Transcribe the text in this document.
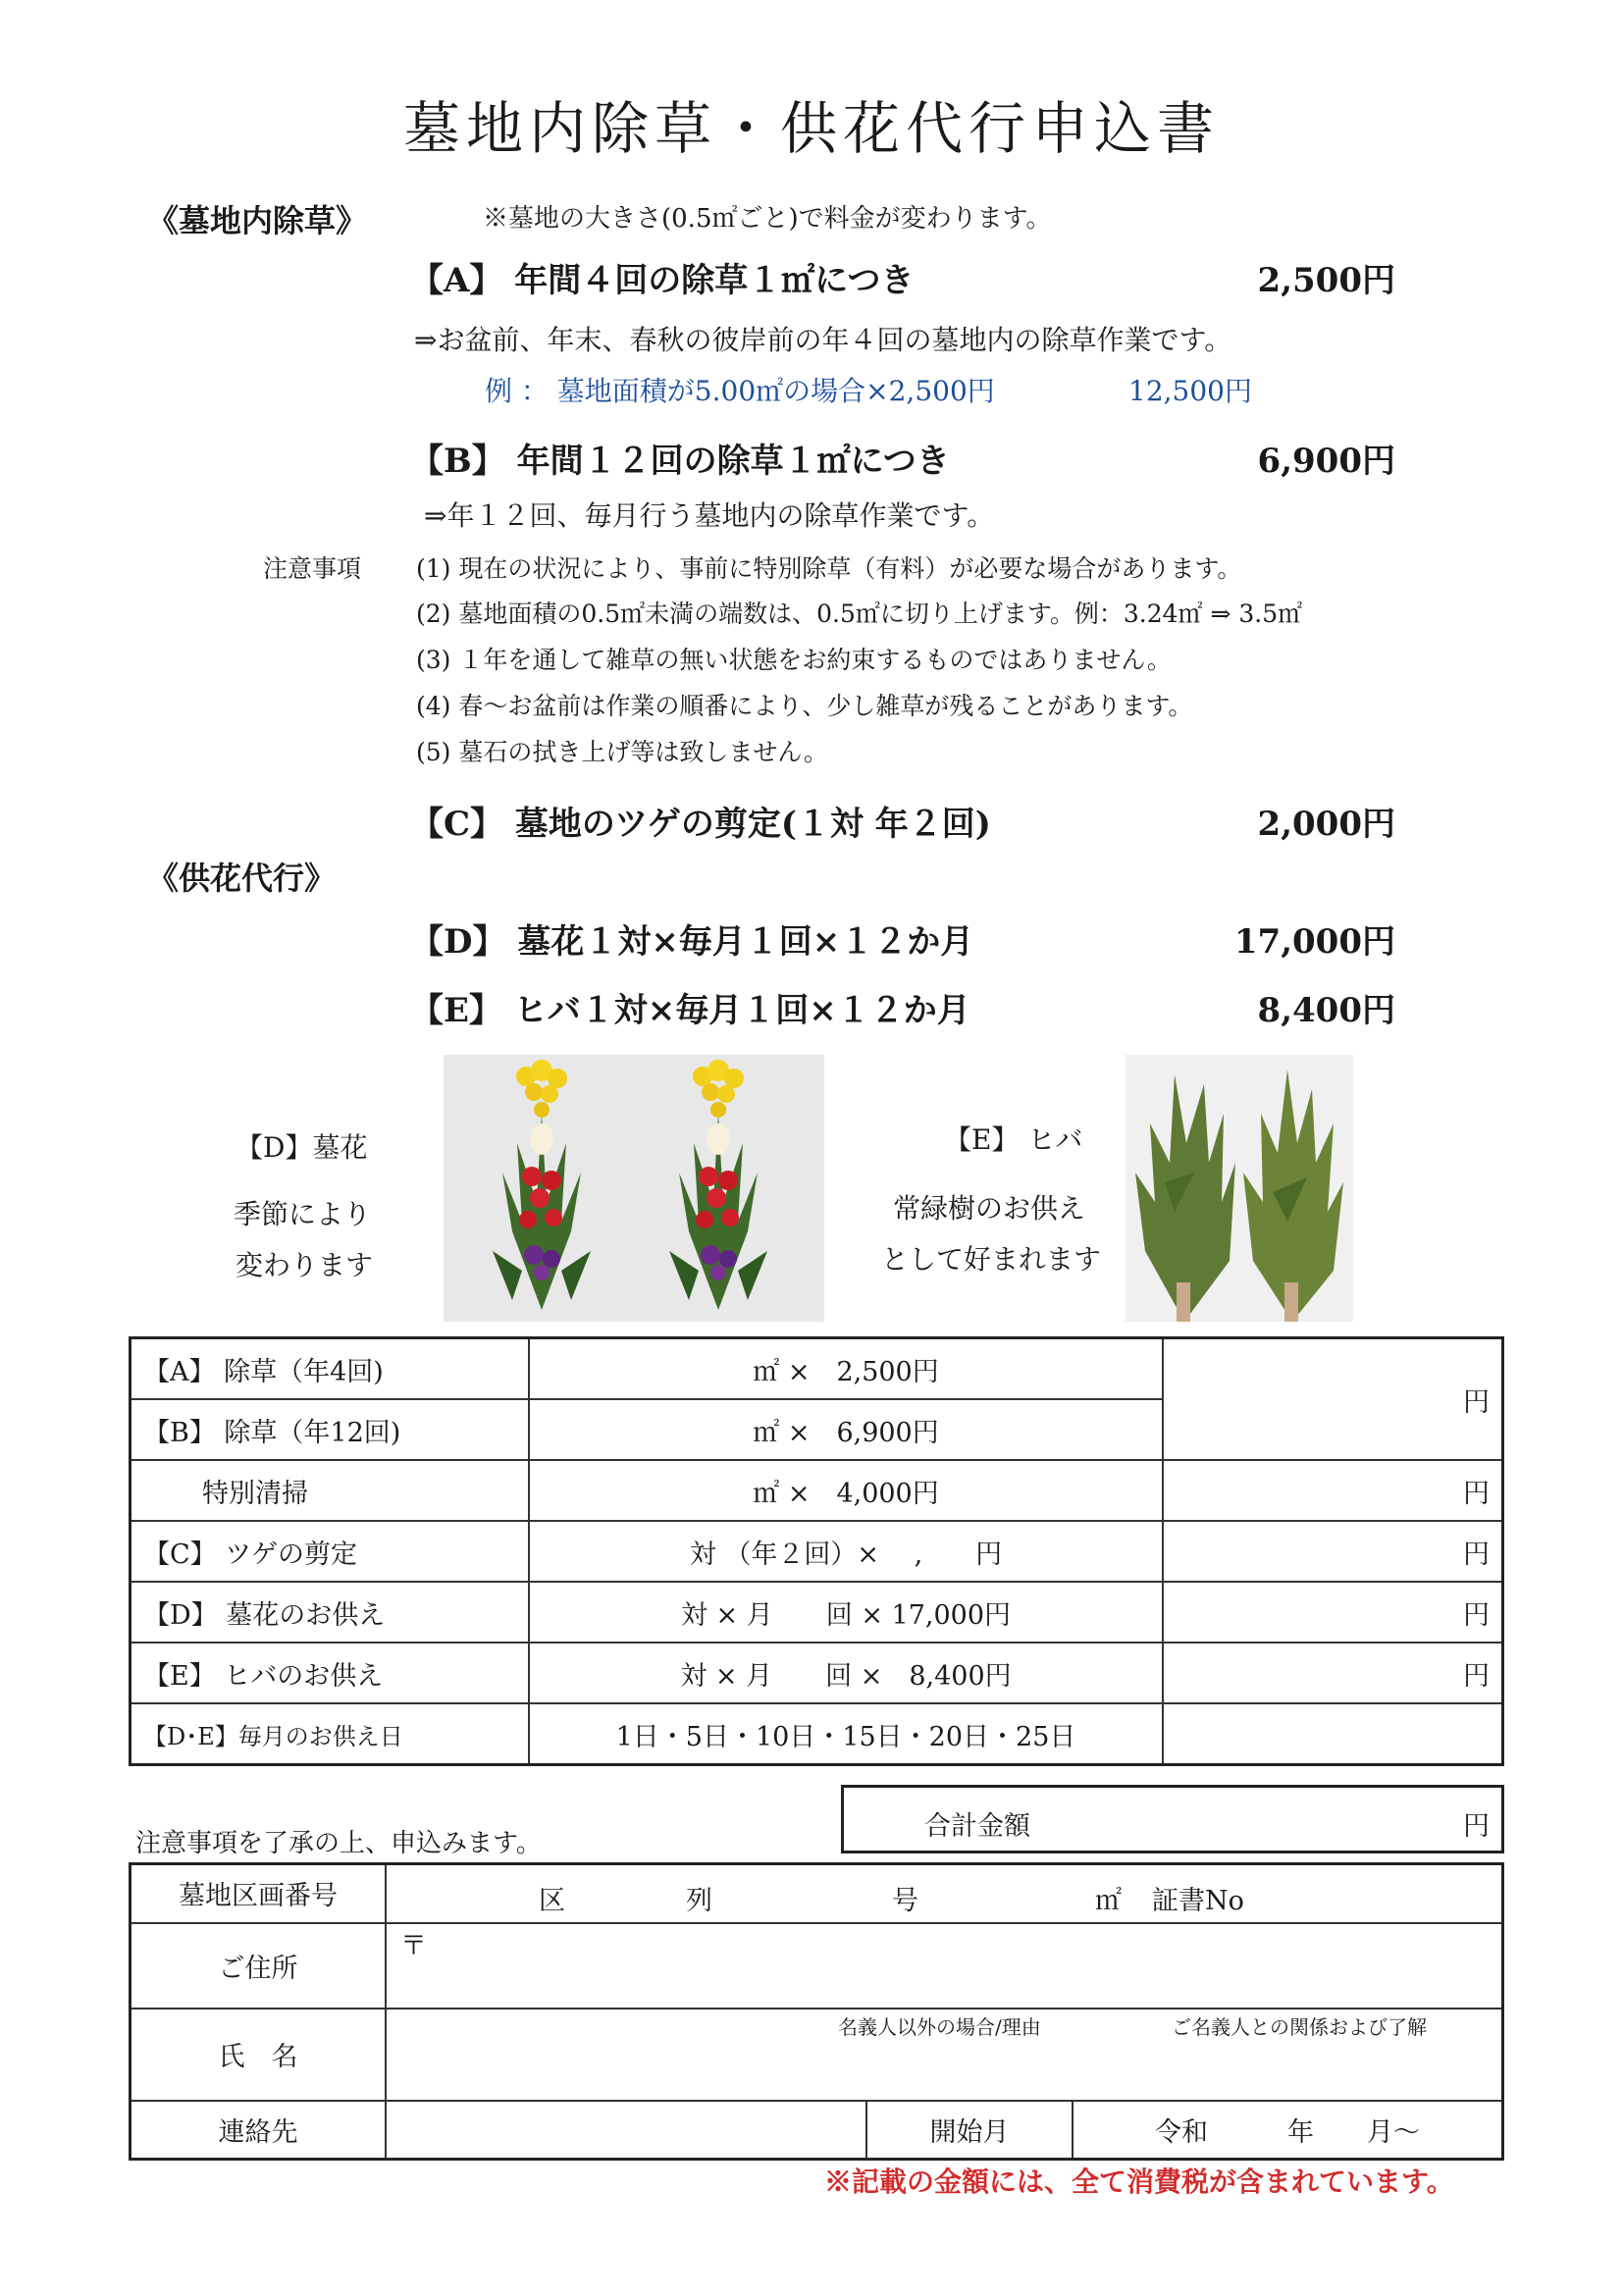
墓地内除草・供花代行申込書
《墓地内除草》	※墓地の大きさ(0.5㎡ごと)で料金が変わります。
【A】 年間４回の除草１㎡につき	2,500円
⇒お盆前、年末、春秋の彼岸前の年４回の墓地内の除草作業です。
例 ： 墓地面積が5.00㎡の場合×2,500円	12,500円
【B】 年間１２回の除草１㎡につき	6,900円
⇒年１２回、毎月行う墓地内の除草作業です。
注意事項 (1) 現在の状況により、事前に特別除草（有料）が必要な場合があります。
(2) 墓地面積の0.5㎡未満の端数は、0.5㎡に切り上げます。例：3.24㎡ ⇒ 3.5㎡
(3) １年を通して雑草の無い状態をお約束するものではありません。
(4) 春～お盆前は作業の順番により、少し雑草が残ることがあります。
(5) 墓石の拭き上げ等は致しません。
【C】 墓地のツゲの剪定(１対 年２回)	2,000円
《供花代行》
【D】 墓花１対×毎月１回×１２か月	17,000円
【E】 ヒバ１対×毎月１回×１２か月	8,400円
【D】墓花
季節により
変わります
【E】 ヒバ
常緑樹のお供え
として好まれます
【A】 除草（年4回)	㎡ ×　2,500円	円
【B】 除草（年12回)	㎡ ×　6,900円	
特別清掃	㎡ ×　4,000円	円
【C】 ツゲの剪定	対 （年２回）×　 ,　　円	円
【D】 墓花のお供え	対 × 月　　回 × 17,000円	円
【E】 ヒバのお供え	対 × 月　　回 ×　8,400円	円
【D･E】毎月のお供え日	1日・5日・10日・15日・20日・25日	
注意事項を了承の上、申込みます。
合計金額	円
墓地区画番号	区 列 号 ㎡ 証書No		

ご住所	〒		
氏　名	名義人以外の場合/理由 ご名義人との関係および了解		

連絡先		開始月	令和　　　年　　月～
※記載の金額には、全て消費税が含まれています。
